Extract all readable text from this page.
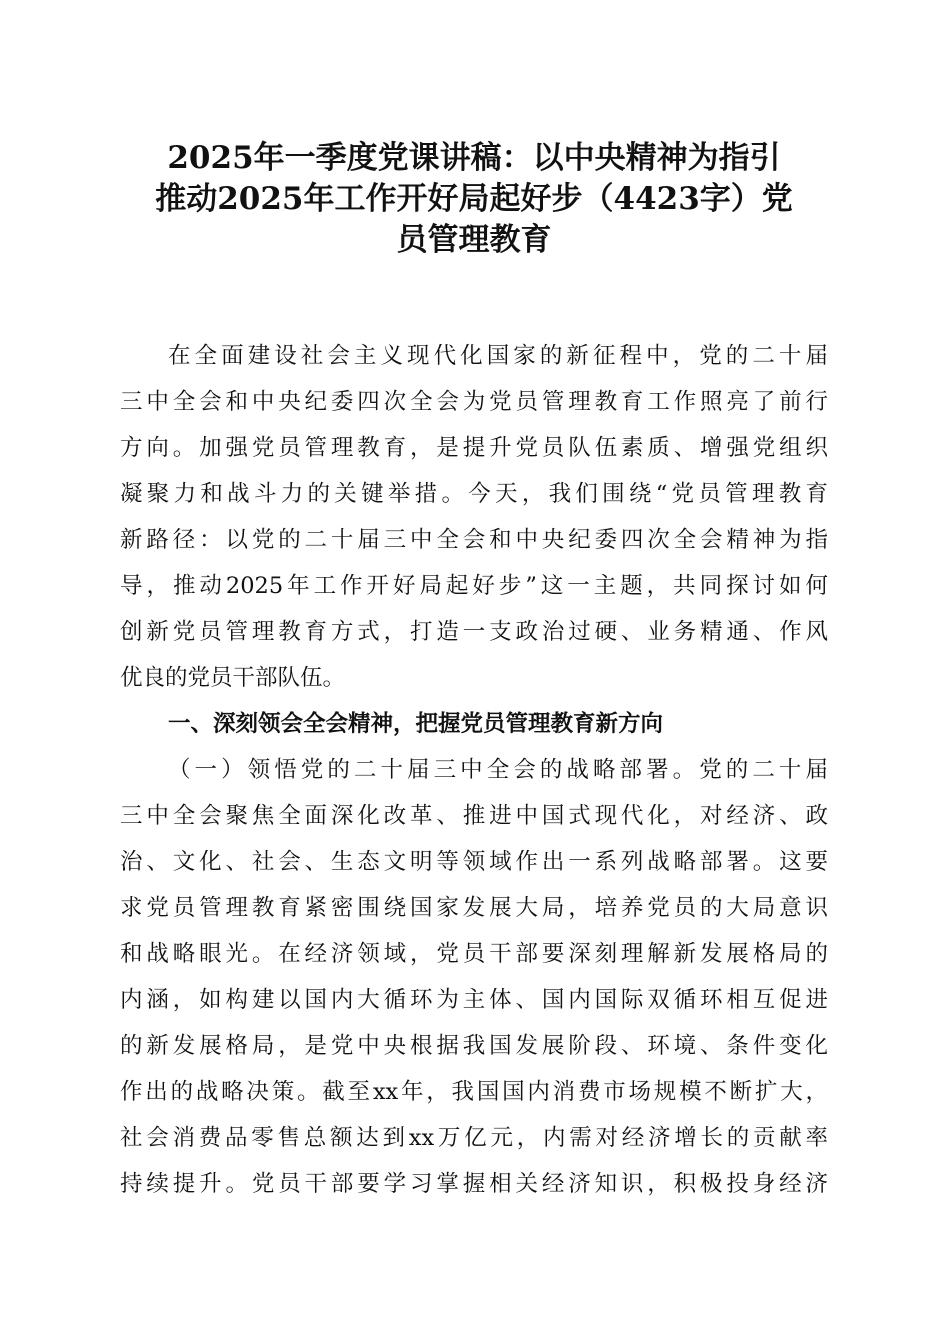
2025年一季度党课讲稿：以中央精神为指引
推动2025年工作开好局起好步（4423字）党
员管理教育
在全面建设社会主义现代化国家的新征程中，党的二十届
三中全会和中央纪委四次全会为党员管理教育工作照亮了前行
方向。加强党员管理教育，是提升党员队伍素质、增强党组织
凝聚力和战斗力的关键举措。今天，我们围绕“党员管理教育
新路径：以党的二十届三中全会和中央纪委四次全会精神为指
导，推动2025年工作开好局起好步”这一主题，共同探讨如何
创新党员管理教育方式，打造一支政治过硬、业务精通、作风
优良的党员干部队伍。
一、深刻领会全会精神，把握党员管理教育新方向
（一）领悟党的二十届三中全会的战略部署。党的二十届
三中全会聚焦全面深化改革、推进中国式现代化，对经济、政
治、文化、社会、生态文明等领域作出一系列战略部署。这要
求党员管理教育紧密围绕国家发展大局，培养党员的大局意识
和战略眼光。在经济领域，党员干部要深刻理解新发展格局的
内涵，如构建以国内大循环为主体、国内国际双循环相互促进
的新发展格局，是党中央根据我国发展阶段、环境、条件变化
作出的战略决策。截至xx年，我国国内消费市场规模不断扩大，
社会消费品零售总额达到xx万亿元，内需对经济增长的贡献率
持续提升。党员干部要学习掌握相关经济知识，积极投身经济
